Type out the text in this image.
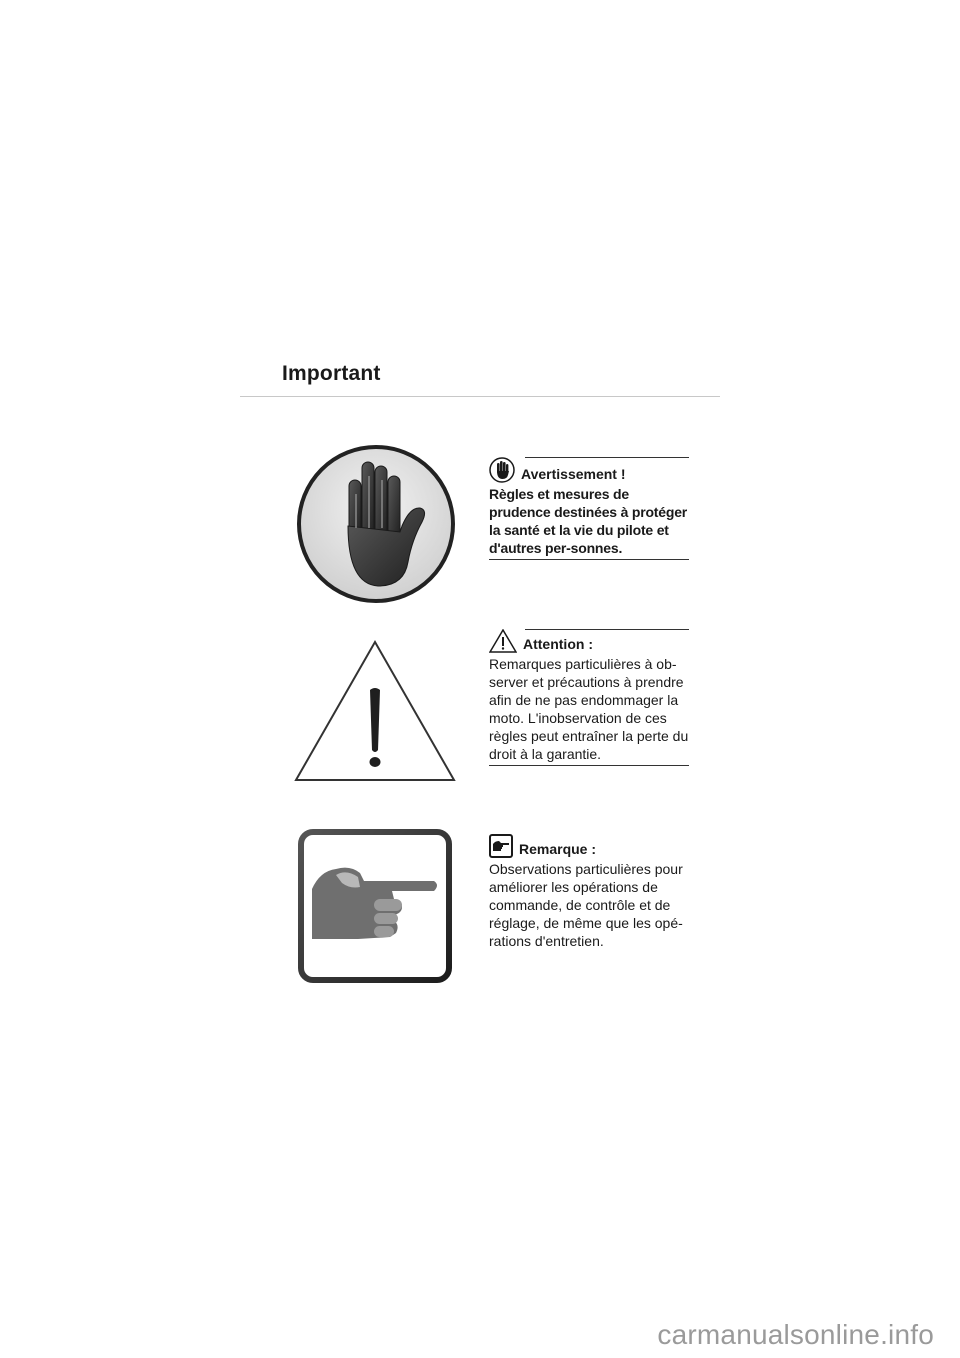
Important
Avertissement !

Règles et mesures de prudence destinées à protéger la santé et la vie du pilote et d'autres per-sonnes.

Attention :

Remarques particulières à ob-server et précautions à prendre afin de ne pas endommager la moto. L'inobservation de ces règles peut entraîner la perte du droit à la garantie.

Remarque :

Observations particulières pour améliorer les opérations de commande, de contrôle et de réglage, de même que les opé-rations d'entretien.

carmanualsonline.info
